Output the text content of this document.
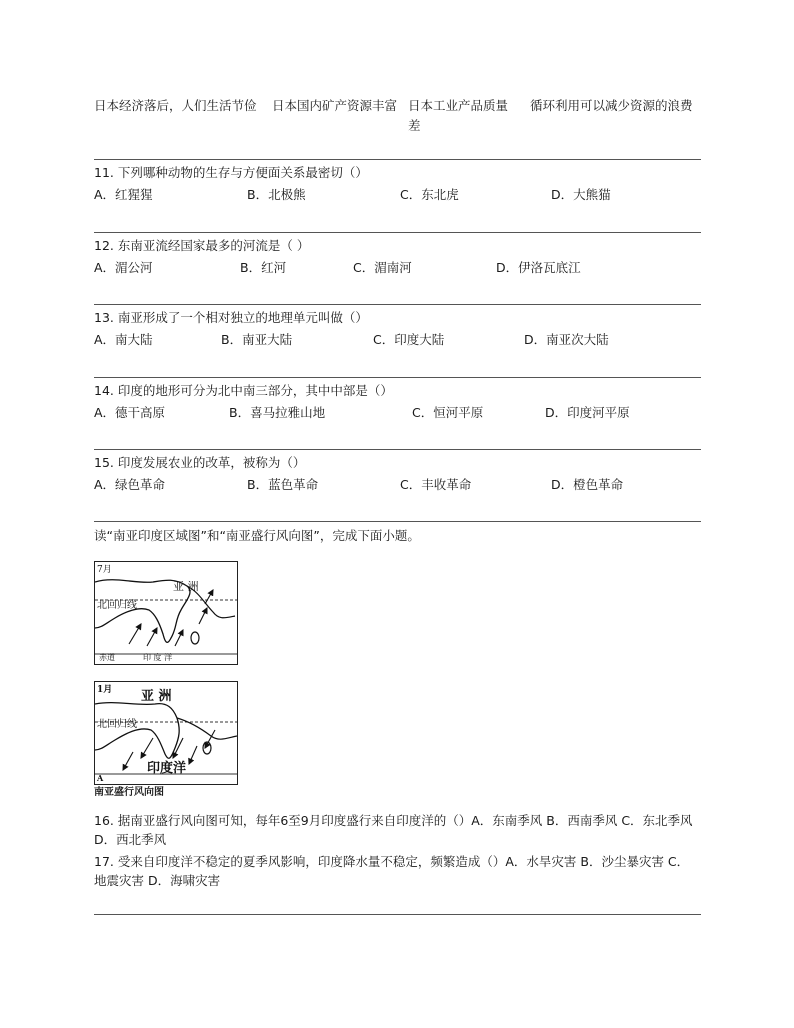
日本经济落后，人们生活节俭	日本国内矿产资源丰富 日本工业产品质量差
循环利用可以减少资源的浪费
11. 下列哪种动物的生存与方便面关系最密切（）
A．红猩猩	B．北极熊	C．东北虎	D．大熊猫
12. 东南亚流经国家最多的河流是（ ）
A．湄公河	B．红河	C．湄南河	D．伊洛瓦底江
13. 南亚形成了一个相对独立的地理单元叫做（）
A．南大陆	B．南亚大陆	C．印度大陆	D．南亚次大陆
14. 印度的地形可分为北中南三部分，其中中部是（）
A．德干高原	B．喜马拉雅山地	C．恒河平原	D．印度河平原
15. 印度发展农业的改革，被称为（）
A．绿色革命	B．蓝色革命	C．丰收革命	D．橙色革命
读“南亚印度区域图”和“南亚盛行风向图”，完成下面小题。
7月
亚 洲
北回归线
赤道	印 度 洋
1月 亚 洲
北回归线
A
印度洋
南亚盛行风向图
16. 据南亚盛行风向图可知，每年6至9月印度盛行来自印度洋的（）A．东南季风 B．西南季风 C．东北季风 D．西北季风
17. 受来自印度洋不稳定的夏季风影响，印度降水量不稳定，频繁造成（）A．水旱灾害 B．沙尘暴灾害 C．地震灾害 D．海啸灾害
